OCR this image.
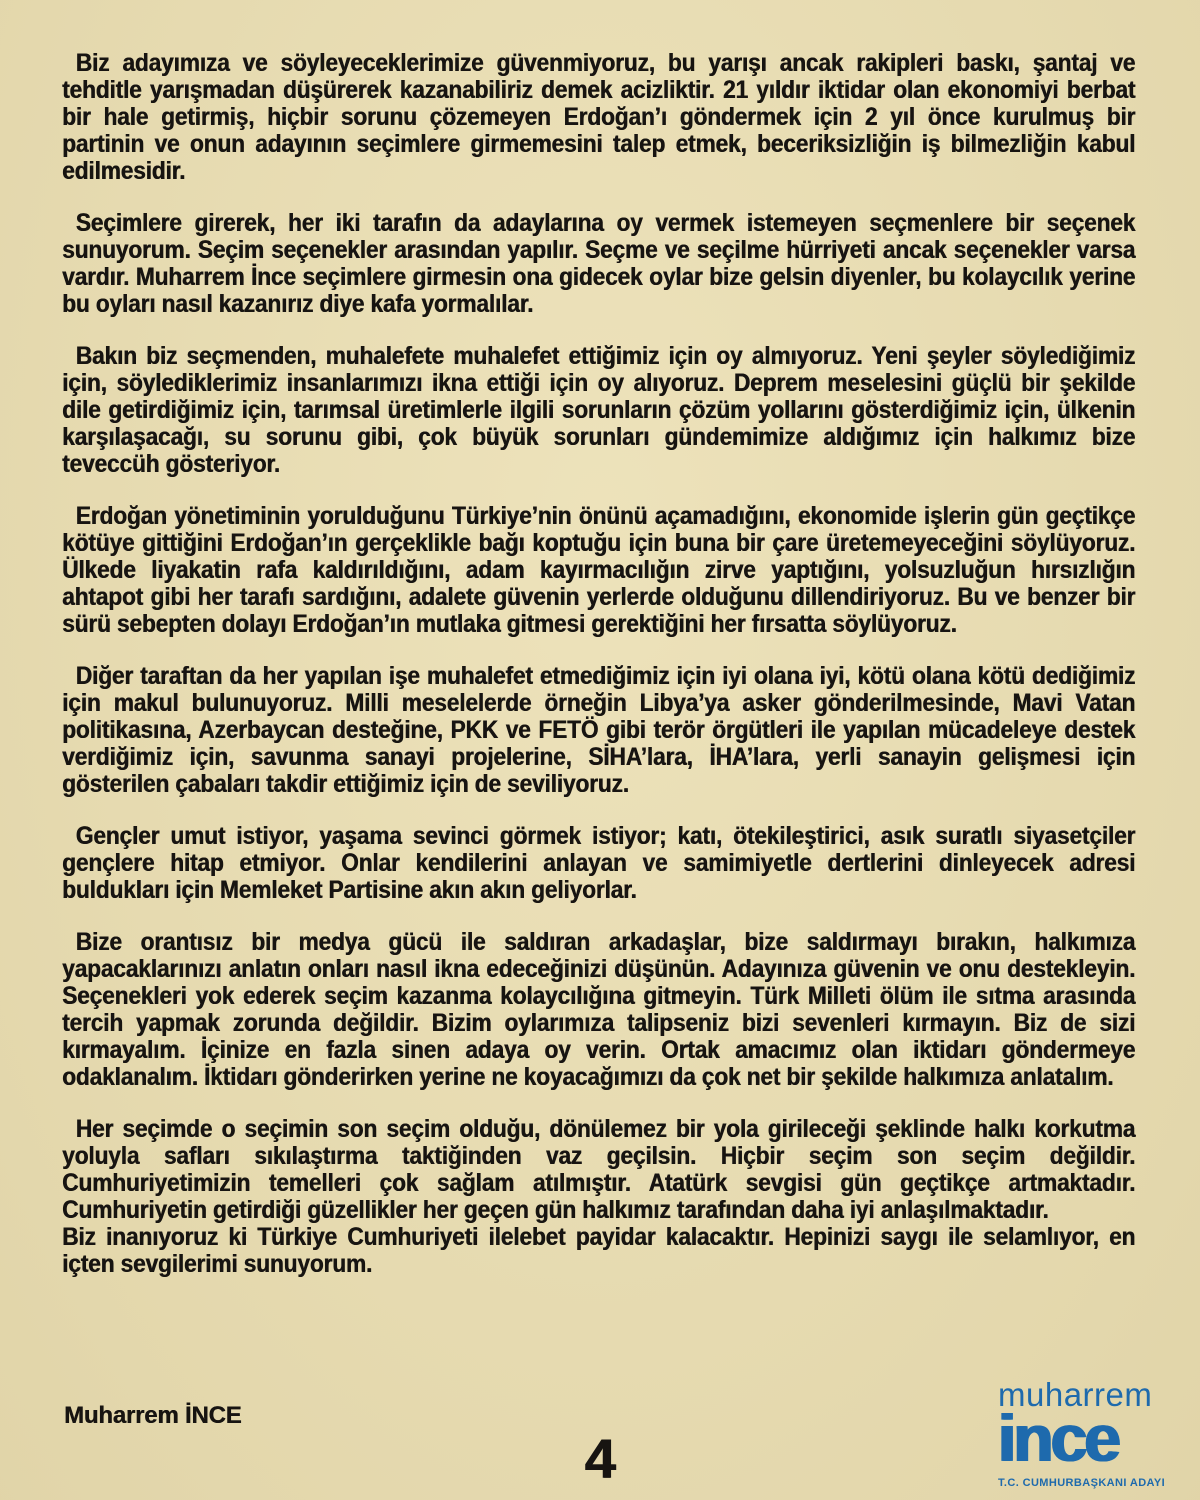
Biz adayımıza ve söyleyeceklerimize güvenmiyoruz, bu yarışı ancak rakipleri baskı, şantaj ve tehditle yarışmadan düşürerek kazanabiliriz demek acizliktir. 21 yıldır iktidar olan ekonomiyi berbat bir hale getirmiş, hiçbir sorunu çözemeyen Erdoğan’ı göndermek için 2 yıl önce kurulmuş bir partinin ve onun adayının seçimlere girmemesini talep etmek, beceriksizliğin iş bilmezliğin kabul edilmesidir.

Seçimlere girerek, her iki tarafın da adaylarına oy vermek istemeyen seçmenlere bir seçenek sunuyorum. Seçim seçenekler arasından yapılır. Seçme ve seçilme hürriyeti ancak seçenekler varsa vardır. Muharrem İnce seçimlere girmesin ona gidecek oylar bize gelsin diyenler, bu kolaycılık yerine bu oyları nasıl kazanırız diye kafa yormalılar.

Bakın biz seçmenden, muhalefete muhalefet ettiğimiz için oy almıyoruz. Yeni şeyler söylediğimiz için, söylediklerimiz insanlarımızı ikna ettiği için oy alıyoruz. Deprem meselesini güçlü bir şekilde dile getirdiğimiz için, tarımsal üretimlerle ilgili sorunların çözüm yollarını gösterdiğimiz için, ülkenin karşılaşacağı, su sorunu gibi, çok büyük sorunları gündemimize aldığımız için halkımız bize teveccüh gösteriyor.

Erdoğan yönetiminin yorulduğunu Türkiye’nin önünü açamadığını, ekonomide işlerin gün geçtikçe kötüye gittiğini Erdoğan’ın gerçeklikle bağı koptuğu için buna bir çare üretemeyeceğini söylüyoruz. Ülkede liyakatin rafa kaldırıldığını, adam kayırmacılığın zirve yaptığını, yolsuzluğun hırsızlığın ahtapot gibi her tarafı sardığını, adalete güvenin yerlerde olduğunu dillendiriyoruz. Bu ve benzer bir sürü sebepten dolayı Erdoğan’ın mutlaka gitmesi gerektiğini her fırsatta söylüyoruz.

Diğer taraftan da her yapılan işe muhalefet etmediğimiz için iyi olana iyi, kötü olana kötü dediğimiz için makul bulunuyoruz. Milli meselelerde örneğin Libya’ya asker gönderilmesinde, Mavi Vatan politikasına, Azerbaycan desteğine, PKK ve FETÖ gibi terör örgütleri ile yapılan mücadeleye destek verdiğimiz için, savunma sanayi projelerine, SİHA’lara, İHA’lara, yerli sanayin gelişmesi için gösterilen çabaları takdir ettiğimiz için de seviliyoruz.

Gençler umut istiyor, yaşama sevinci görmek istiyor; katı, ötekileştirici, asık suratlı siyasetçiler gençlere hitap etmiyor. Onlar kendilerini anlayan ve samimiyetle dertlerini dinleyecek adresi buldukları için Memleket Partisine akın akın geliyorlar.

Bize orantısız bir medya gücü ile saldıran arkadaşlar, bize saldırmayı bırakın, halkımıza yapacaklarınızı anlatın onları nasıl ikna edeceğinizi düşünün. Adayınıza güvenin ve onu destekleyin. Seçenekleri yok ederek seçim kazanma kolaycılığına gitmeyin. Türk Milleti ölüm ile sıtma arasında tercih yapmak zorunda değildir. Bizim oylarımıza talipseniz bizi sevenleri kırmayın. Biz de sizi kırmayalım. İçinize en fazla sinen adaya oy verin. Ortak amacımız olan iktidarı göndermeye odaklanalım. İktidarı gönderirken yerine ne koyacağımızı da çok net bir şekilde halkımıza anlatalım.

Her seçimde o seçimin son seçim olduğu, dönülemez bir yola girileceği şeklinde halkı korkutma yoluyla safları sıkılaştırma taktiğinden vaz geçilsin. Hiçbir seçim son seçim değildir. Cumhuriyetimizin temelleri çok sağlam atılmıştır. Atatürk sevgisi gün geçtikçe artmaktadır. Cumhuriyetin getirdiği güzellikler her geçen gün halkımız tarafından daha iyi anlaşılmaktadır.

Biz inanıyoruz ki Türkiye Cumhuriyeti ilelebet payidar kalacaktır. Hepinizi saygı ile selamlıyor, en içten sevgilerimi sunuyorum.

Muharrem İNCE
4
muharrem
ince
T.C. CUMHURBAŞKANI ADAYI
